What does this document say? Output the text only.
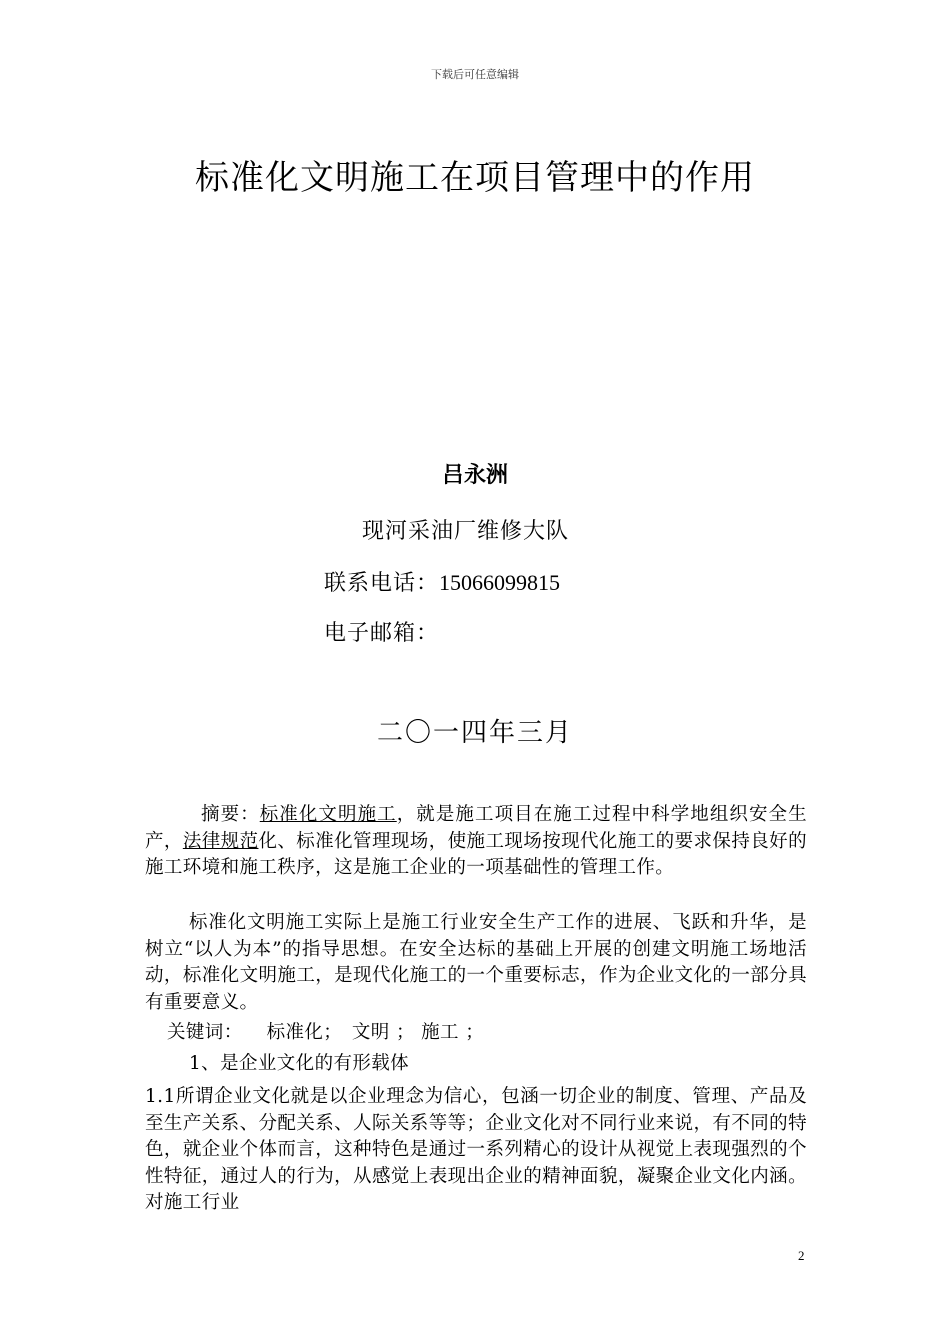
下载后可任意编辑
标准化文明施工在项目管理中的作用
吕永洲
现河采油厂维修大队
联系电话：15066099815
电子邮箱：
二〇一四年三月
摘要：标准化文明施工，就是施工项目在施工过程中科学地组织安全生产，法律规范化、标准化管理现场，使施工现场按现代化施工的要求保持良好的施工环境和施工秩序，这是施工企业的一项基础性的管理工作。
标准化文明施工实际上是施工行业安全生产工作的进展、飞跃和升华，是树立“以人为本”的指导思想。在安全达标的基础上开展的创建文明施工场地活动，标准化文明施工，是现代化施工的一个重要标志，作为企业文化的一部分具有重要意义。
关键词： 标准化；　文明 ； 施工 ；
1、是企业文化的有形载体
1.1所谓企业文化就是以企业理念为信心，包涵一切企业的制度、管理、产品及至生产关系、分配关系、人际关系等等；企业文化对不同行业来说，有不同的特色，就企业个体而言，这种特色是通过一系列精心的设计从视觉上表现强烈的个性特征，通过人的行为，从感觉上表现出企业的精神面貌，凝聚企业文化内涵。对施工行业
2
